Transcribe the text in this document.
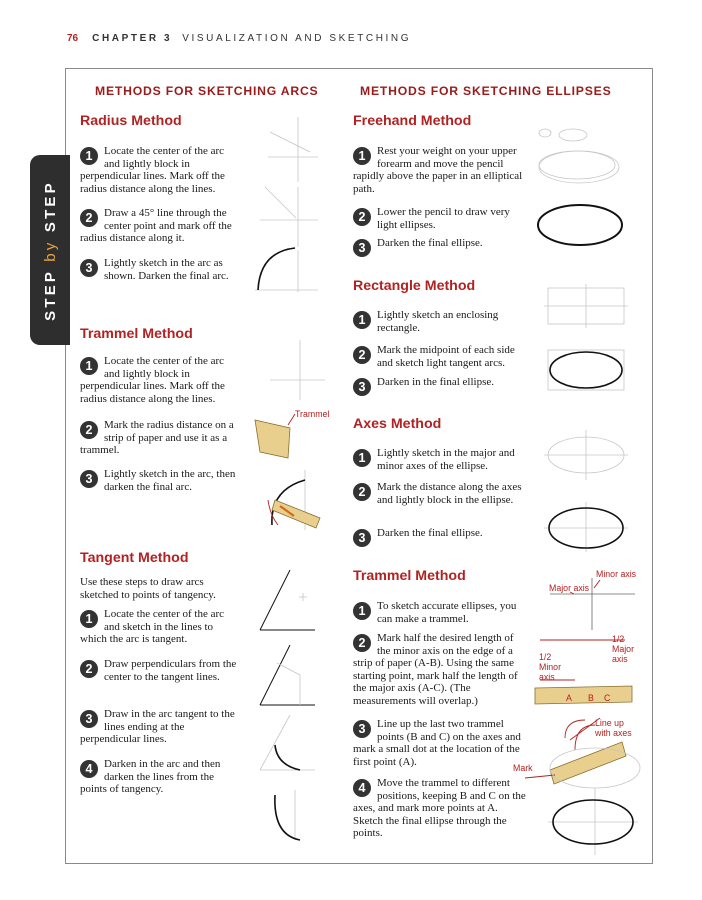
76 CHAPTER 3 VISUALIZATION AND SKETCHING
STEP by STEP
METHODS FOR SKETCHING ARCS	METHODS FOR SKETCHING ELLIPSES
Radius Method
1	Locate the center of the arc and lightly block in perpendicular lines. Mark off the radius distance along the lines.
2	Draw a 45° line through the center point and mark off the radius distance along it.
3	Lightly sketch in the arc as shown. Darken the final arc.
Trammel Method
1	Locate the center of the arc and lightly block in perpendicular lines. Mark off the radius distance along the lines.
2	Mark the radius distance on a strip of paper and use it as a trammel.
3	Lightly sketch in the arc, then darken the final arc.
Trammel
Tangent Method
Use these steps to draw arcs sketched to points of tangency.
1	Locate the center of the arc and sketch in the lines to which the arc is tangent.
2	Draw perpendiculars from the center to the tangent lines.
3	Draw in the arc tangent to the lines ending at the perpendicular lines.
4	Darken in the arc and then darken the lines from the points of tangency.
Freehand Method
1	Rest your weight on your upper forearm and move the pencil rapidly above the paper in an elliptical path.
2	Lower the pencil to draw very light ellipses.
3	Darken the final ellipse.
Rectangle Method
1	Lightly sketch an enclosing rectangle.
2	Mark the midpoint of each side and sketch light tangent arcs.
3	Darken in the final ellipse.
Axes Method
1	Lightly sketch in the major and minor axes of the ellipse.
2	Mark the distance along the axes and lightly block in the ellipse.
3	Darken the final ellipse.
Trammel Method
1	To sketch accurate ellipses, you can make a trammel.
2	Mark half the desired length of the minor axis on the edge of a strip of paper (A-B). Using the same starting point, mark half the length of the major axis (A-C). (The measurements will overlap.)
3	Line up the last two trammel points (B and C) on the axes and mark a small dot at the location of the first point (A).
4	Move the trammel to different positions, keeping B and C on the axes, and mark more points at A. Sketch the final ellipse through the points.
Minor axis
Major axis
1/2 Minor axis
1/2 Major axis
A B C
Line up with axes
Mark
